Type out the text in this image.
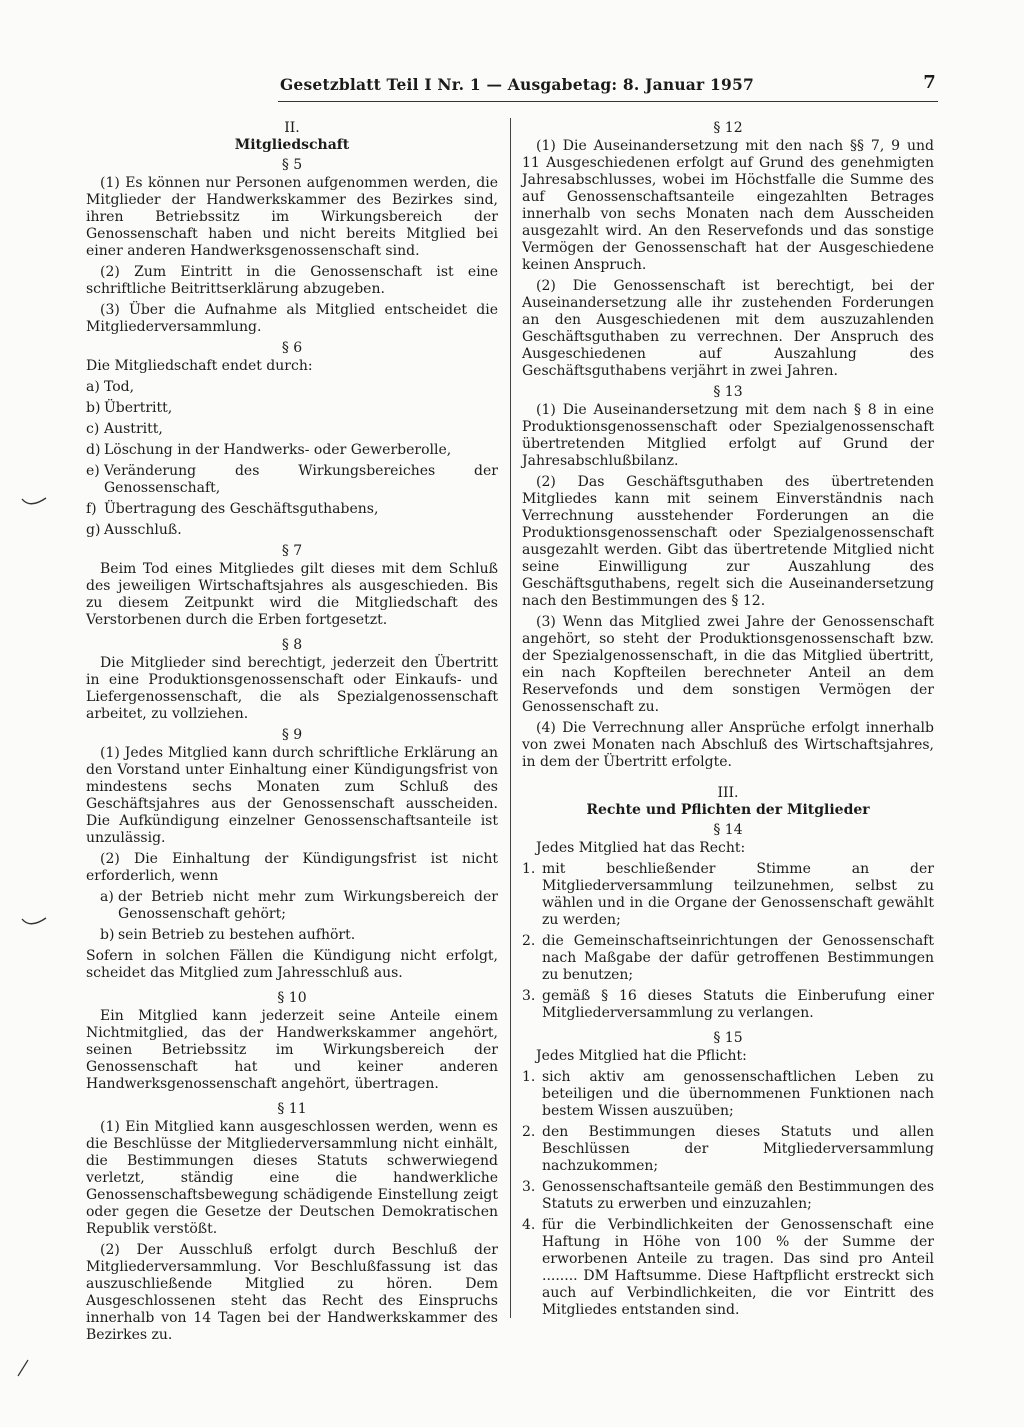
Gesetzblatt Teil I Nr. 1 — Ausgabetag: 8. Januar 1957	7
II.
Mitgliedschaft
§ 5

(1) Es können nur Personen aufgenommen werden, die Mitglieder der Handwerkskammer des Bezirkes sind, ihren Betriebssitz im Wirkungsbereich der Genossenschaft haben und nicht bereits Mitglied bei einer anderen Handwerksgenossenschaft sind.

(2) Zum Eintritt in die Genossenschaft ist eine schriftliche Beitrittserklärung abzugeben.

(3) Über die Aufnahme als Mitglied entscheidet die Mitgliederversammlung.

§ 6

Die Mitgliedschaft endet durch:

a) Tod,
b) Übertritt,
c) Austritt,
d) Löschung in der Handwerks- oder Gewerberolle,
e) Veränderung des Wirkungsbereiches der Genossenschaft,
f) Übertragung des Geschäftsguthabens,
g) Ausschluß.
§ 7

Beim Tod eines Mitgliedes gilt dieses mit dem Schluß des jeweiligen Wirtschaftsjahres als ausgeschieden. Bis zu diesem Zeitpunkt wird die Mitgliedschaft des Verstorbenen durch die Erben fortgesetzt.

§ 8

Die Mitglieder sind berechtigt, jederzeit den Übertritt in eine Produktionsgenossenschaft oder Einkaufs- und Liefergenossenschaft, die als Spezialgenossenschaft arbeitet, zu vollziehen.

§ 9

(1) Jedes Mitglied kann durch schriftliche Erklärung an den Vorstand unter Einhaltung einer Kündigungsfrist von mindestens sechs Monaten zum Schluß des Geschäftsjahres aus der Genossenschaft ausscheiden. Die Aufkündigung einzelner Genossenschaftsanteile ist unzulässig.

(2) Die Einhaltung der Kündigungsfrist ist nicht erforderlich, wenn

a) der Betrieb nicht mehr zum Wirkungsbereich der Genossenschaft gehört;
b) sein Betrieb zu bestehen aufhört.

Sofern in solchen Fällen die Kündigung nicht erfolgt, scheidet das Mitglied zum Jahresschluß aus.

§ 10

Ein Mitglied kann jederzeit seine Anteile einem Nichtmitglied, das der Handwerkskammer angehört, seinen Betriebssitz im Wirkungsbereich der Genossenschaft hat und keiner anderen Handwerksgenossenschaft angehört, übertragen.

§ 11

(1) Ein Mitglied kann ausgeschlossen werden, wenn es die Beschlüsse der Mitgliederversammlung nicht einhält, die Bestimmungen dieses Statuts schwerwiegend verletzt, ständig eine die handwerkliche Genossenschaftsbewegung schädigende Einstellung zeigt oder gegen die Gesetze der Deutschen Demokratischen Republik verstößt.

(2) Der Ausschluß erfolgt durch Beschluß der Mitgliederversammlung. Vor Beschlußfassung ist das auszuschließende Mitglied zu hören. Dem Ausgeschlossenen steht das Recht des Einspruchs innerhalb von 14 Tagen bei der Handwerkskammer des Bezirkes zu.

§ 12

(1) Die Auseinandersetzung mit den nach §§ 7, 9 und 11 Ausgeschiedenen erfolgt auf Grund des genehmigten Jahresabschlusses, wobei im Höchstfalle die Summe des auf Genossenschaftsanteile eingezahlten Betrages innerhalb von sechs Monaten nach dem Ausscheiden ausgezahlt wird. An den Reservefonds und das sonstige Vermögen der Genossenschaft hat der Ausgeschiedene keinen Anspruch.

(2) Die Genossenschaft ist berechtigt, bei der Auseinandersetzung alle ihr zustehenden Forderungen an den Ausgeschiedenen mit dem auszuzahlenden Geschäftsguthaben zu verrechnen. Der Anspruch des Ausgeschiedenen auf Auszahlung des Geschäftsguthabens verjährt in zwei Jahren.

§ 13

(1) Die Auseinandersetzung mit dem nach § 8 in eine Produktionsgenossenschaft oder Spezialgenossenschaft übertretenden Mitglied erfolgt auf Grund der Jahresabschlußbilanz.

(2) Das Geschäftsguthaben des übertretenden Mitgliedes kann mit seinem Einverständnis nach Verrechnung ausstehender Forderungen an die Produktionsgenossenschaft oder Spezialgenossenschaft ausgezahlt werden. Gibt das übertretende Mitglied nicht seine Einwilligung zur Auszahlung des Geschäftsguthabens, regelt sich die Auseinandersetzung nach den Bestimmungen des § 12.

(3) Wenn das Mitglied zwei Jahre der Genossenschaft angehört, so steht der Produktionsgenossenschaft bzw. der Spezialgenossenschaft, in die das Mitglied übertritt, ein nach Kopfteilen berechneter Anteil an dem Reservefonds und dem sonstigen Vermögen der Genossenschaft zu.

(4) Die Verrechnung aller Ansprüche erfolgt innerhalb von zwei Monaten nach Abschluß des Wirtschaftsjahres, in dem der Übertritt erfolgte.

III.
Rechte und Pflichten der Mitglieder
§ 14

Jedes Mitglied hat das Recht:

1. mit beschließender Stimme an der Mitgliederversammlung teilzunehmen, selbst zu wählen und in die Organe der Genossenschaft gewählt zu werden;
2. die Gemeinschaftseinrichtungen der Genossenschaft nach Maßgabe der dafür getroffenen Bestimmungen zu benutzen;
3. gemäß § 16 dieses Statuts die Einberufung einer Mitgliederversammlung zu verlangen.
§ 15

Jedes Mitglied hat die Pflicht:

1. sich aktiv am genossenschaftlichen Leben zu beteiligen und die übernommenen Funktionen nach bestem Wissen auszuüben;
2. den Bestimmungen dieses Statuts und allen Beschlüssen der Mitgliederversammlung nachzukommen;
3. Genossenschaftsanteile gemäß den Bestimmungen des Statuts zu erwerben und einzuzahlen;
4. für die Verbindlichkeiten der Genossenschaft eine Haftung in Höhe von 100 % der Summe der erworbenen Anteile zu tragen. Das sind pro Anteil ........ DM Haftsumme. Diese Haftpflicht erstreckt sich auch auf Verbindlichkeiten, die vor Eintritt des Mitgliedes entstanden sind.
